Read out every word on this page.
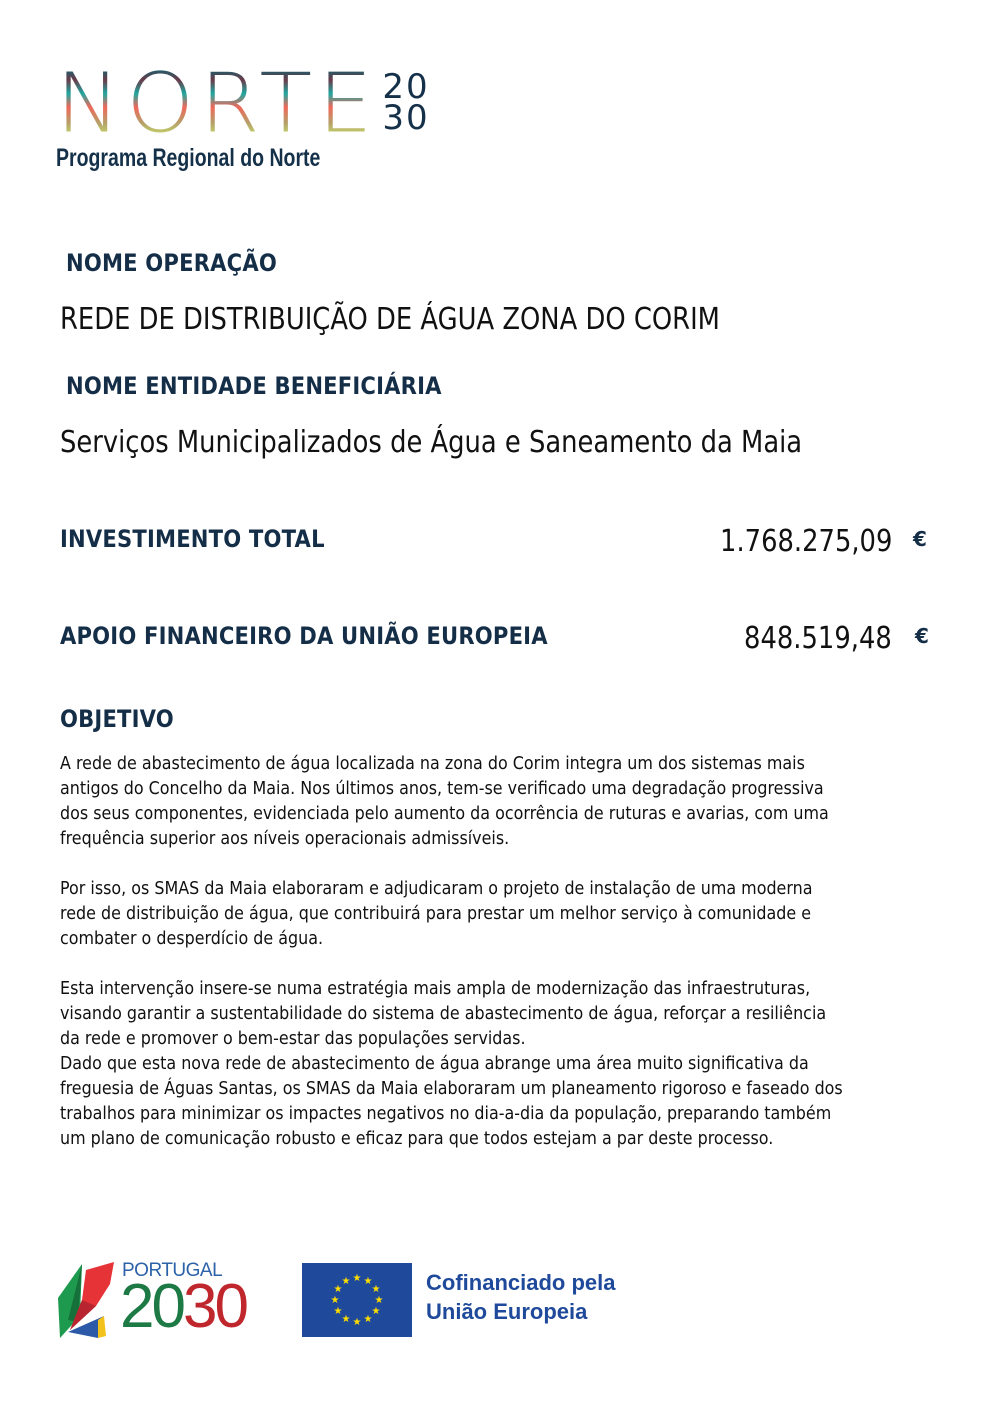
NORTE 20
30
Programa Regional do Norte
NOME OPERAÇÃO
REDE DE DISTRIBUIÇÃO DE ÁGUA ZONA DO CORIM
NOME ENTIDADE BENEFICIÁRIA
Serviços Municipalizados de Água e Saneamento da Maia
INVESTIMENTO TOTAL	1.768.275,09 €
APOIO FINANCEIRO DA UNIÃO EUROPEIA	848.519,48 €
OBJETIVO

A rede de abastecimento de água localizada na zona do Corim integra um dos sistemas mais

antigos do Concelho da Maia. Nos últimos anos, tem-se verificado uma degradação progressiva

dos seus componentes, evidenciada pelo aumento da ocorrência de ruturas e avarias, com uma

frequência superior aos níveis operacionais admissíveis.

Por isso, os SMAS da Maia elaboraram e adjudicaram o projeto de instalação de uma moderna

rede de distribuição de água, que contribuirá para prestar um melhor serviço à comunidade e

combater o desperdício de água.

Esta intervenção insere-se numa estratégia mais ampla de modernização das infraestruturas,

visando garantir a sustentabilidade do sistema de abastecimento de água, reforçar a resiliência

da rede e promover o bem-estar das populações servidas.

Dado que esta nova rede de abastecimento de água abrange uma área muito significativa da

freguesia de Águas Santas, os SMAS da Maia elaboraram um planeamento rigoroso e faseado dos

trabalhos para minimizar os impactes negativos no dia-a-dia da população, preparando também

um plano de comunicação robusto e eficaz para que todos estejam a par deste processo.

PORTUGAL
2030	★ ★
★
★
★
★
★
★
★
★
★
★	Cofinanciado pela
União Europeia
